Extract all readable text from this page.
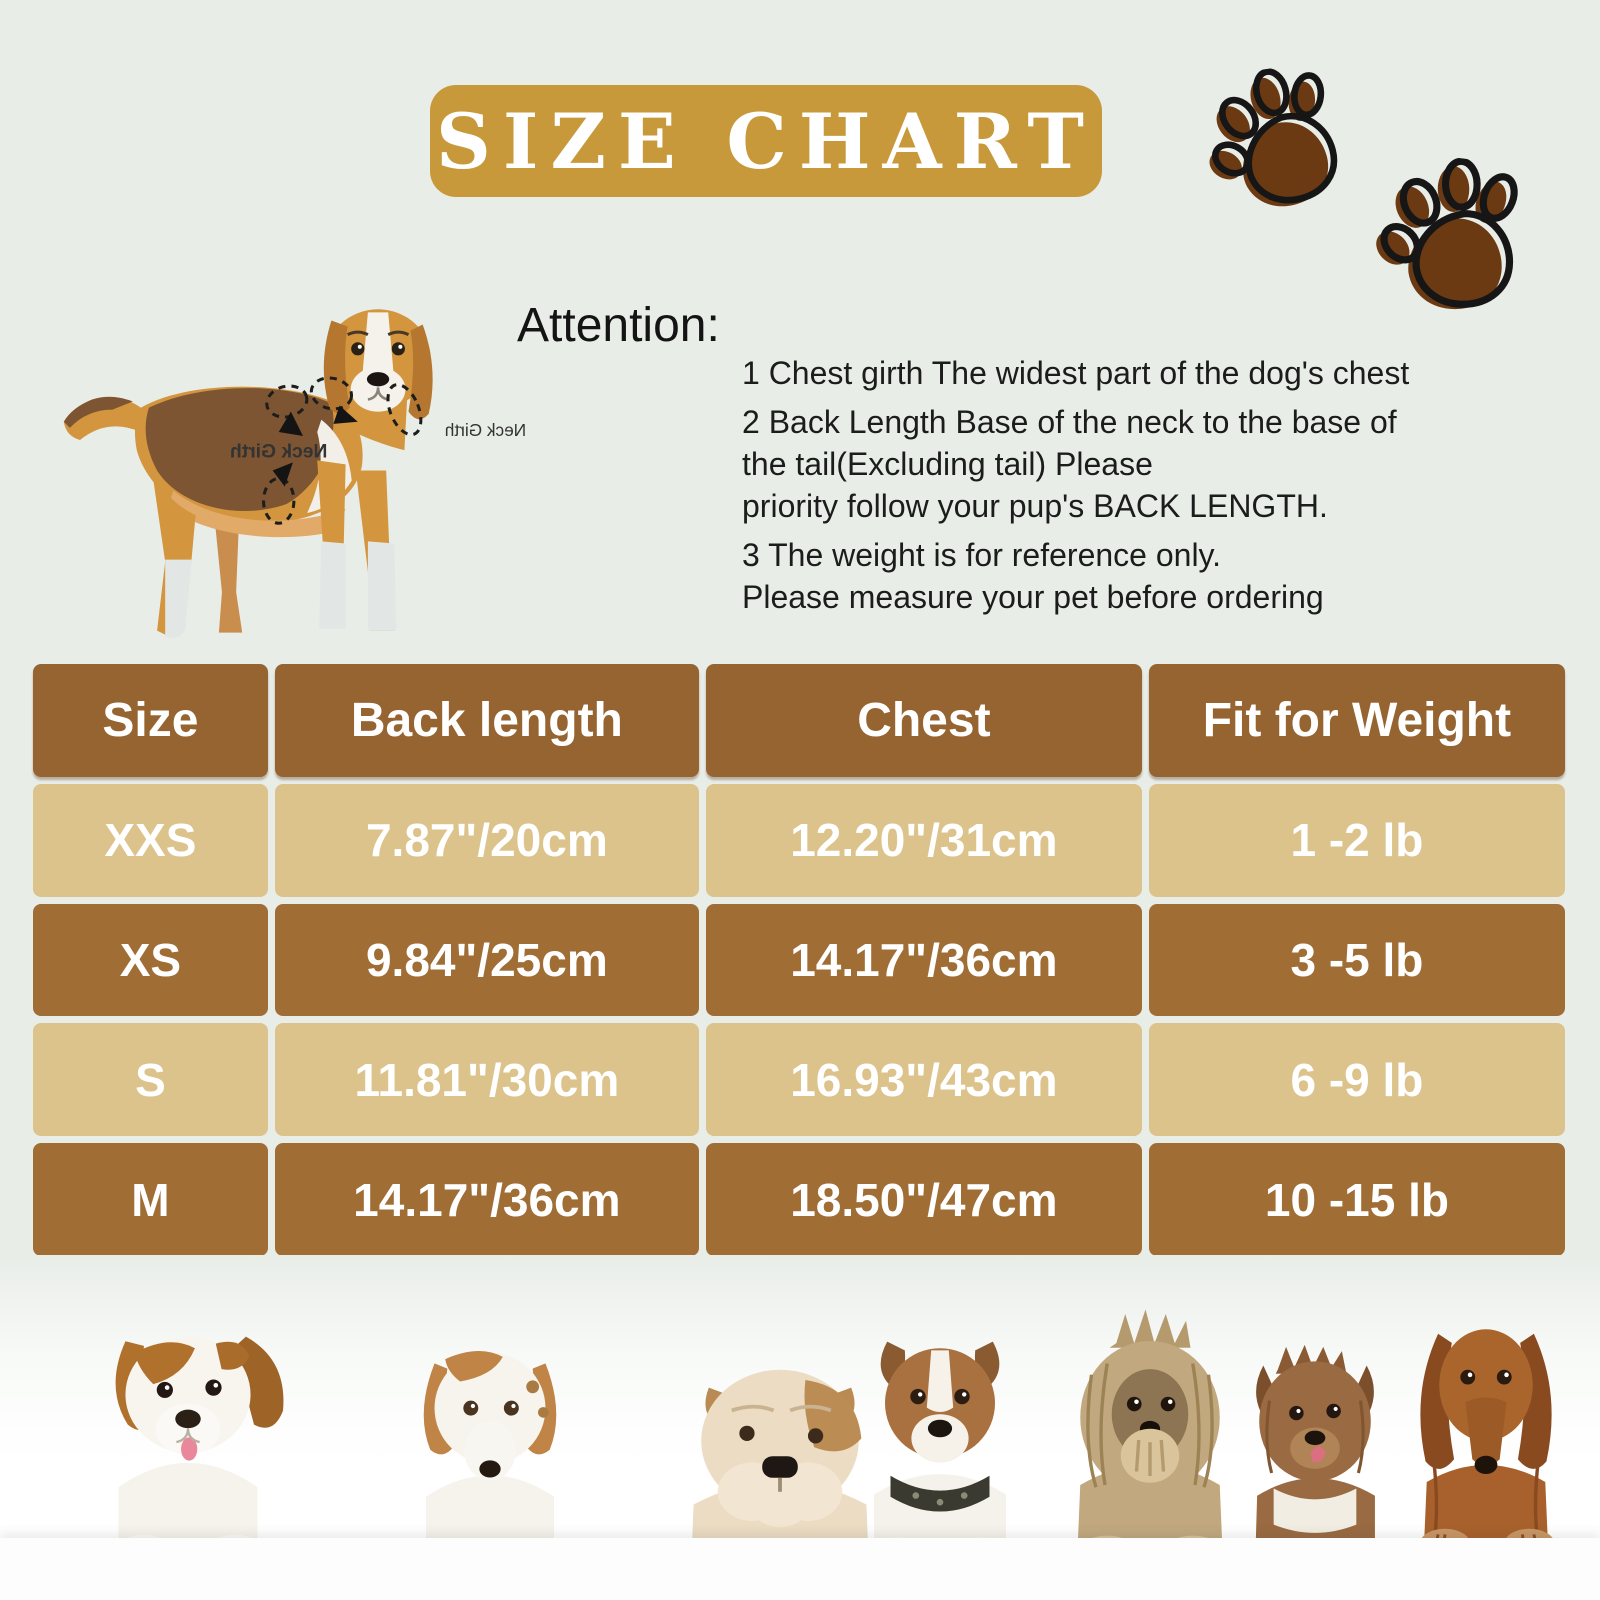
SIZE CHART
Neck Girth
Neck Girth
Attention:
1 Chest girth The widest part of the dog's chest
2 Back Length Base of the neck to the base of
the tail(Excluding tail) Please
priority follow your pup's BACK LENGTH.
3 The weight is for reference only.
Please measure your pet before ordering
Size	Back length	Chest	Fit for Weight
XXS	7.87"/20cm	12.20"/31cm	1 -2 lb
XS	9.84"/25cm	14.17"/36cm	3 -5 lb
S	11.81"/30cm	16.93"/43cm	6 -9 lb
M	14.17"/36cm	18.50"/47cm	10 -15 lb
